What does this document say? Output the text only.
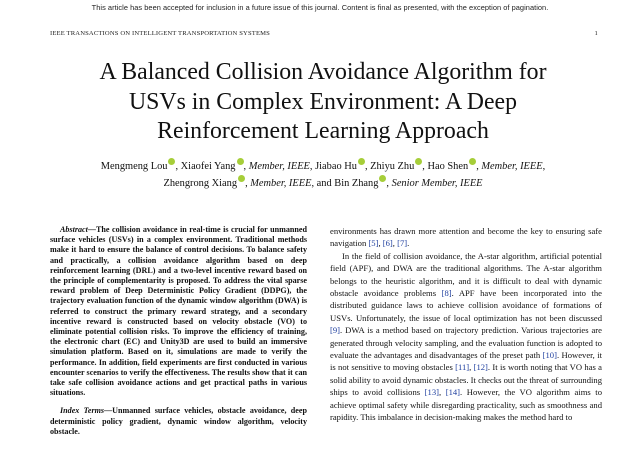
This article has been accepted for inclusion in a future issue of this journal. Content is final as presented, with the exception of pagination.
IEEE TRANSACTIONS ON INTELLIGENT TRANSPORTATION SYSTEMS	1
A Balanced Collision Avoidance Algorithm for
USVs in Complex Environment: A Deep
Reinforcement Learning Approach
Mengmeng Lou , Xiaofei Yang , Member, IEEE, Jiabao Hu , Zhiyu Zhu , Hao Shen , Member, IEEE,
Zhengrong Xiang , Member, IEEE, and Bin Zhang , Senior Member, IEEE

Abstract—The collision avoidance in real-time is crucial for unmanned surface vehicles (USVs) in a complex environment. Traditional methods make it hard to ensure the balance of control decisions. To balance safety and practically, a collision avoidance algorithm based on deep reinforcement learning (DRL) and a two-level incentive reward based on the principle of complementarity is proposed. To address the vital sparse reward problem of Deep Deterministic Policy Gradient (DDPG), the trajectory evaluation function of the dynamic window algorithm (DWA) is referred to construct the primary reward strategy, and a secondary incentive reward is constructed based on velocity obstacle (VO) to eliminate potential collision risks. To improve the efficiency of training, the electronic chart (EC) and Unity3D are used to build an immersive simulation platform. Based on it, simulations are made to verify the performance. In addition, field experiments are first conducted in various encounter scenarios to verify the effectiveness. The results show that it can take safe collision avoidance actions and get practical paths in various situations.

Index Terms—Unmanned surface vehicles, obstacle avoidance, deep deterministic policy gradient, dynamic window algorithm, velocity obstacle.

environments has drawn more attention and become the key to ensuring safe navigation [5], [6], [7].

In the field of collision avoidance, the A-star algorithm, artificial potential field (APF), and DWA are the traditional algorithms. The A-star algorithm belongs to the heuristic algorithm, and it is difficult to deal with dynamic obstacle avoidance problems [8]. APF have been incorporated into the distributed guidance laws to achieve collision avoidance of formations of USVs. Unfortunately, the issue of local optimization has not been discussed [9]. DWA is a method based on trajectory prediction. Various trajectories are generated through velocity sampling, and the evaluation function is adopted to evaluate the advantages and disadvantages of the preset path [10]. However, it is not sensitive to moving obstacles [11], [12]. It is worth noting that VO has a solid ability to avoid dynamic obstacles. It checks out the threat of surrounding ships to avoid collisions [13], [14]. However, the VO algorithm aims to achieve optimal safety while disregarding practicality, such as smoothness and rapidity. This imbalance in decision-making makes the method hard to
